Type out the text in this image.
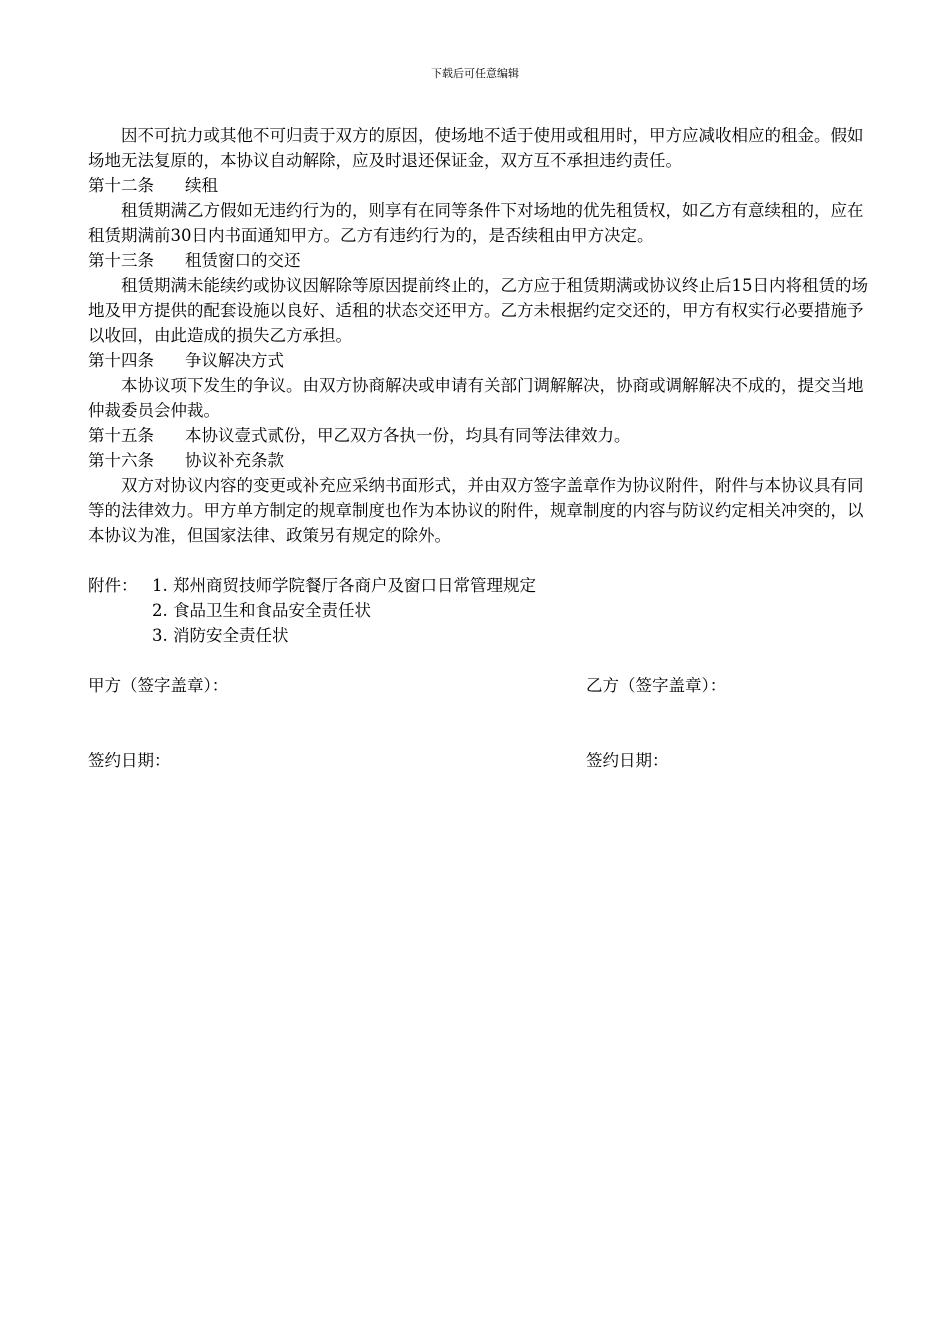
下载后可任意编辑

因不可抗力或其他不可归责于双方的原因，使场地不适于使用或租用时，甲方应减收相应的租金。假如场地无法复原的，本协议自动解除，应及时退还保证金，双方互不承担违约责任。

第十二条 续租

租赁期满乙方假如无违约行为的，则享有在同等条件下对场地的优先租赁权，如乙方有意续租的，应在租赁期满前30日内书面通知甲方。乙方有违约行为的，是否续租由甲方决定。

第十三条 租赁窗口的交还

租赁期满未能续约或协议因解除等原因提前终止的，乙方应于租赁期满或协议终止后15日内将租赁的场地及甲方提供的配套设施以良好、适租的状态交还甲方。乙方未根据约定交还的，甲方有权实行必要措施予以收回，由此造成的损失乙方承担。

第十四条 争议解决方式

本协议项下发生的争议。由双方协商解决或申请有关部门调解解决，协商或调解解决不成的，提交当地仲裁委员会仲裁。

第十五条 本协议壹式贰份，甲乙双方各执一份，均具有同等法律效力。

第十六条 协议补充条款

双方对协议内容的变更或补充应采纳书面形式，并由双方签字盖章作为协议附件，附件与本协议具有同等的法律效力。甲方单方制定的规章制度也作为本协议的附件，规章制度的内容与防议约定相关冲突的，以本协议为准，但国家法律、政策另有规定的除外。

附件： 1. 郑州商贸技师学院餐厅各商户及窗口日常管理规定
2. 食品卫生和食品安全责任状
3. 消防安全责任状
甲方（签字盖章）：	乙方（签字盖章）：
签约日期：	签约日期：
